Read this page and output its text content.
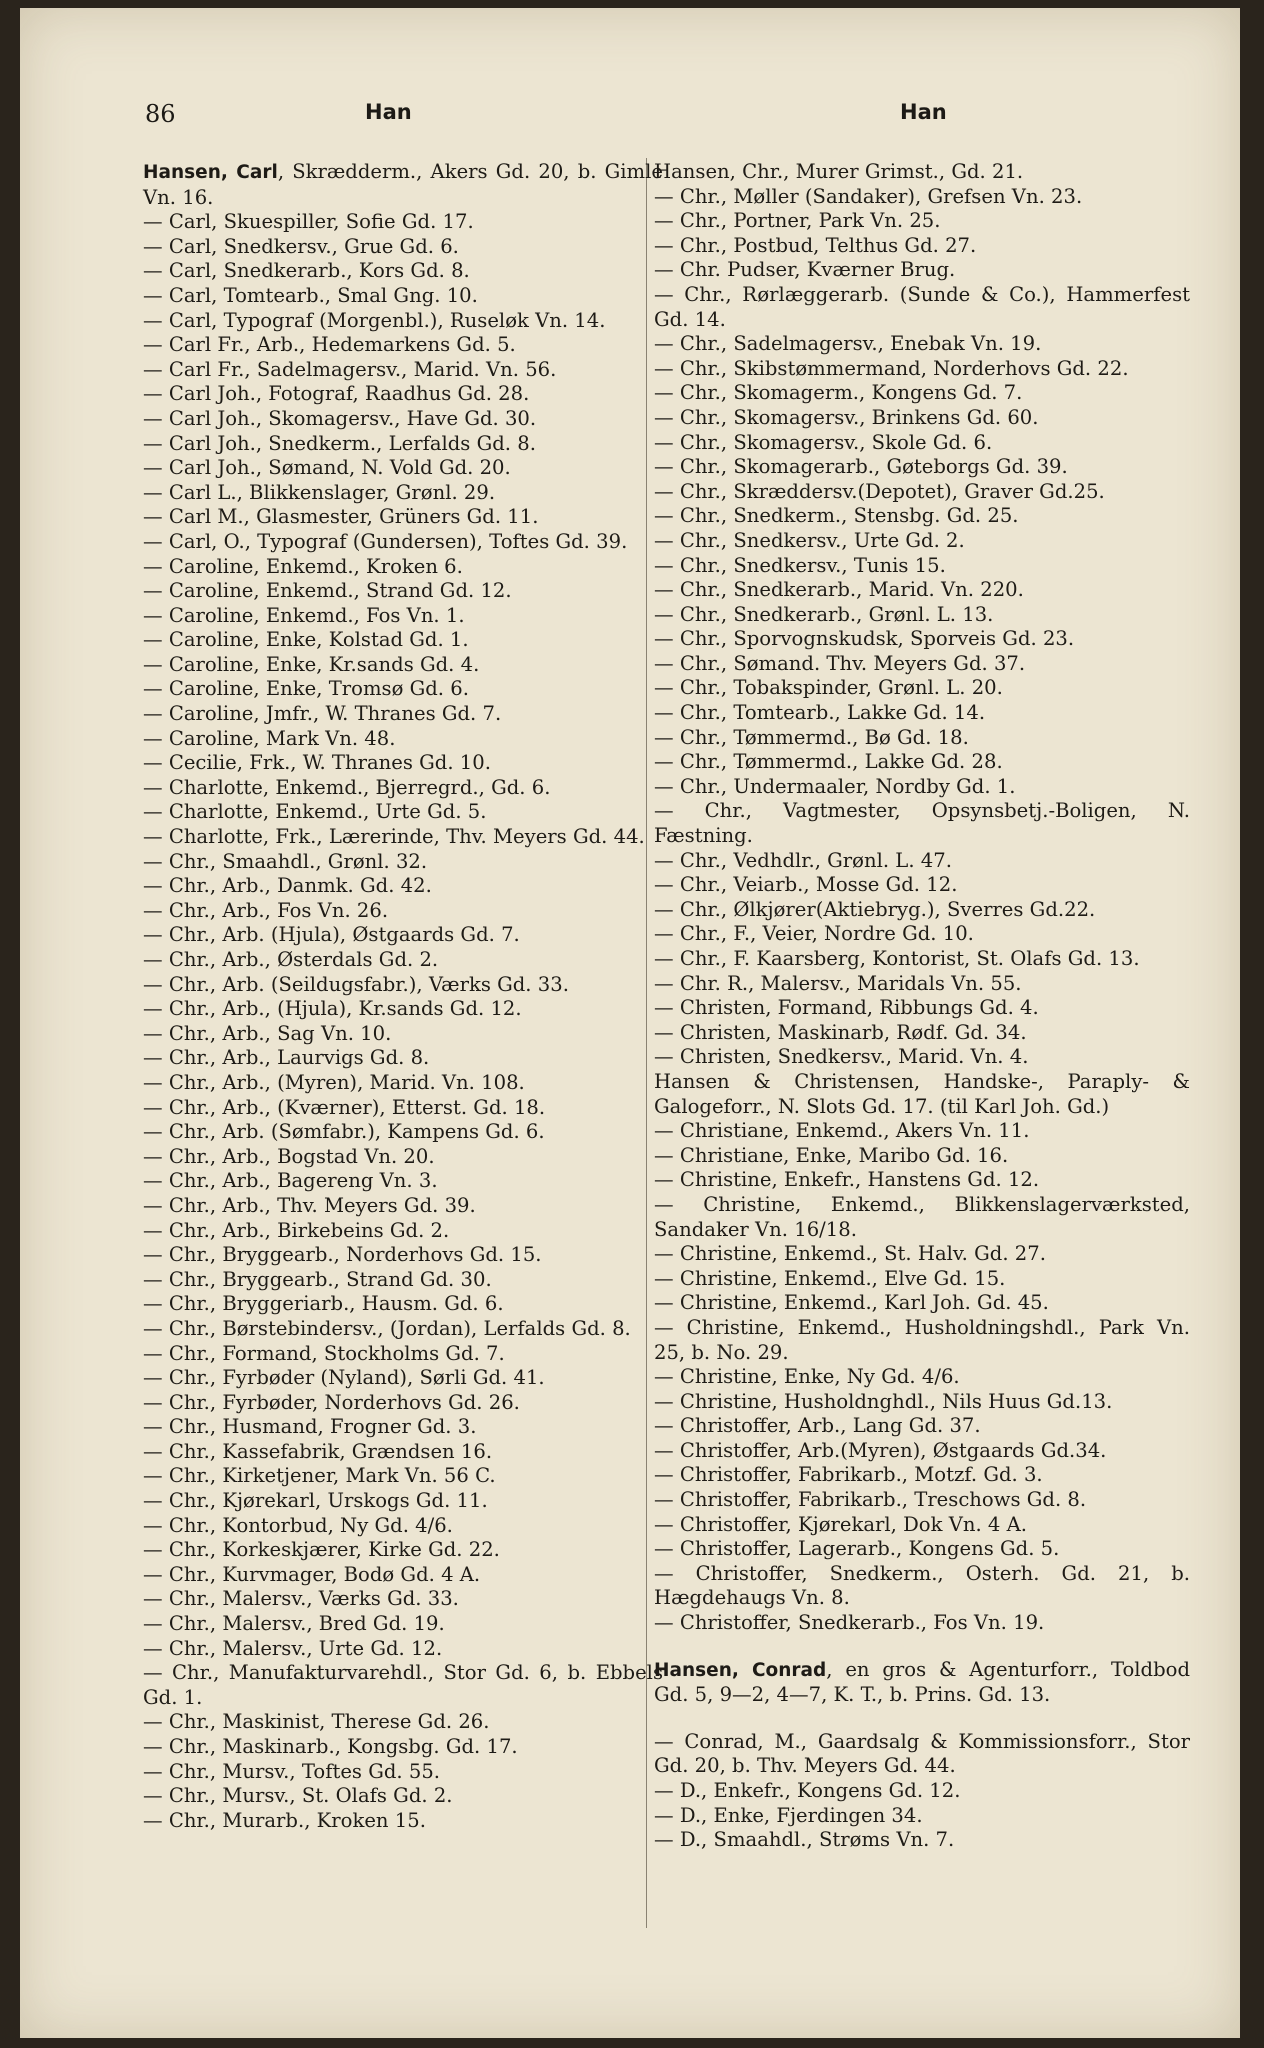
86	Han	Han
Hansen, Carl, Skrædderm., Akers Gd. 20, b. Gimle Vn. 16.
— Carl, Skuespiller, Sofie Gd. 17.
— Carl, Snedkersv., Grue Gd. 6.
— Carl, Snedkerarb., Kors Gd. 8.
— Carl, Tomtearb., Smal Gng. 10.
— Carl, Typograf (Morgenbl.), Ruseløk Vn. 14.
— Carl Fr., Arb., Hedemarkens Gd. 5.
— Carl Fr., Sadelmagersv., Marid. Vn. 56.
— Carl Joh., Fotograf, Raadhus Gd. 28.
— Carl Joh., Skomagersv., Have Gd. 30.
— Carl Joh., Snedkerm., Lerfalds Gd. 8.
— Carl Joh., Sømand, N. Vold Gd. 20.
— Carl L., Blikkenslager, Grønl. 29.
— Carl M., Glasmester, Grüners Gd. 11.
— Carl, O., Typograf (Gundersen), Toftes Gd. 39.
— Caroline, Enkemd., Kroken 6.
— Caroline, Enkemd., Strand Gd. 12.
— Caroline, Enkemd., Fos Vn. 1.
— Caroline, Enke, Kolstad Gd. 1.
— Caroline, Enke, Kr.sands Gd. 4.
— Caroline, Enke, Tromsø Gd. 6.
— Caroline, Jmfr., W. Thranes Gd. 7.
— Caroline, Mark Vn. 48.
— Cecilie, Frk., W. Thranes Gd. 10.
— Charlotte, Enkemd., Bjerregrd., Gd. 6.
— Charlotte, Enkemd., Urte Gd. 5.
— Charlotte, Frk., Lærerinde, Thv. Meyers Gd. 44.
— Chr., Smaahdl., Grønl. 32.
— Chr., Arb., Danmk. Gd. 42.
— Chr., Arb., Fos Vn. 26.
— Chr., Arb. (Hjula), Østgaards Gd. 7.
— Chr., Arb., Østerdals Gd. 2.
— Chr., Arb. (Seildugsfabr.), Værks Gd. 33.
— Chr., Arb., (Hjula), Kr.sands Gd. 12.
— Chr., Arb., Sag Vn. 10.
— Chr., Arb., Laurvigs Gd. 8.
— Chr., Arb., (Myren), Marid. Vn. 108.
— Chr., Arb., (Kværner), Etterst. Gd. 18.
— Chr., Arb. (Sømfabr.), Kampens Gd. 6.
— Chr., Arb., Bogstad Vn. 20.
— Chr., Arb., Bagereng Vn. 3.
— Chr., Arb., Thv. Meyers Gd. 39.
— Chr., Arb., Birkebeins Gd. 2.
— Chr., Bryggearb., Norderhovs Gd. 15.
— Chr., Bryggearb., Strand Gd. 30.
— Chr., Bryggeriarb., Hausm. Gd. 6.
— Chr., Børstebindersv., (Jordan), Lerfalds Gd. 8.
— Chr., Formand, Stockholms Gd. 7.
— Chr., Fyrbøder (Nyland), Sørli Gd. 41.
— Chr., Fyrbøder, Norderhovs Gd. 26.
— Chr., Husmand, Frogner Gd. 3.
— Chr., Kassefabrik, Grændsen 16.
— Chr., Kirketjener, Mark Vn. 56 C.
— Chr., Kjørekarl, Urskogs Gd. 11.
— Chr., Kontorbud, Ny Gd. 4/6.
— Chr., Korkeskjærer, Kirke Gd. 22.
— Chr., Kurvmager, Bodø Gd. 4 A.
— Chr., Malersv., Værks Gd. 33.
— Chr., Malersv., Bred Gd. 19.
— Chr., Malersv., Urte Gd. 12.
— Chr., Manufakturvarehdl., Stor Gd. 6, b. Ebbels Gd. 1.
— Chr., Maskinist, Therese Gd. 26.
— Chr., Maskinarb., Kongsbg. Gd. 17.
— Chr., Mursv., Toftes Gd. 55.
— Chr., Mursv., St. Olafs Gd. 2.
— Chr., Murarb., Kroken 15.
Hansen, Chr., Murer Grimst., Gd. 21.
— Chr., Møller (Sandaker), Grefsen Vn. 23.
— Chr., Portner, Park Vn. 25.
— Chr., Postbud, Telthus Gd. 27.
— Chr. Pudser, Kværner Brug.
— Chr., Rørlæggerarb. (Sunde & Co.), Hammerfest Gd. 14.
— Chr., Sadelmagersv., Enebak Vn. 19.
— Chr., Skibstømmermand, Norderhovs Gd. 22.
— Chr., Skomagerm., Kongens Gd. 7.
— Chr., Skomagersv., Brinkens Gd. 60.
— Chr., Skomagersv., Skole Gd. 6.
— Chr., Skomagerarb., Gøteborgs Gd. 39.
— Chr., Skræddersv.(Depotet), Graver Gd.25.
— Chr., Snedkerm., Stensbg. Gd. 25.
— Chr., Snedkersv., Urte Gd. 2.
— Chr., Snedkersv., Tunis 15.
— Chr., Snedkerarb., Marid. Vn. 220.
— Chr., Snedkerarb., Grønl. L. 13.
— Chr., Sporvognskudsk, Sporveis Gd. 23.
— Chr., Sømand. Thv. Meyers Gd. 37.
— Chr., Tobakspinder, Grønl. L. 20.
— Chr., Tomtearb., Lakke Gd. 14.
— Chr., Tømmermd., Bø Gd. 18.
— Chr., Tømmermd., Lakke Gd. 28.
— Chr., Undermaaler, Nordby Gd. 1.
— Chr., Vagtmester, Opsynsbetj.-Boligen, N. Fæstning.
— Chr., Vedhdlr., Grønl. L. 47.
— Chr., Veiarb., Mosse Gd. 12.
— Chr., Ølkjører(Aktiebryg.), Sverres Gd.22.
— Chr., F., Veier, Nordre Gd. 10.
— Chr., F. Kaarsberg, Kontorist, St. Olafs Gd. 13.
— Chr. R., Malersv., Maridals Vn. 55.
— Christen, Formand, Ribbungs Gd. 4.
— Christen, Maskinarb, Rødf. Gd. 34.
— Christen, Snedkersv., Marid. Vn. 4.
Hansen & Christensen, Handske-, Paraply- & Galogeforr., N. Slots Gd. 17. (til Karl Joh. Gd.)
— Christiane, Enkemd., Akers Vn. 11.
— Christiane, Enke, Maribo Gd. 16.
— Christine, Enkefr., Hanstens Gd. 12.
— Christine, Enkemd., Blikkenslagerværksted, Sandaker Vn. 16/18.
— Christine, Enkemd., St. Halv. Gd. 27.
— Christine, Enkemd., Elve Gd. 15.
— Christine, Enkemd., Karl Joh. Gd. 45.
— Christine, Enkemd., Husholdningshdl., Park Vn. 25, b. No. 29.
— Christine, Enke, Ny Gd. 4/6.
— Christine, Husholdnghdl., Nils Huus Gd.13.
— Christoffer, Arb., Lang Gd. 37.
— Christoffer, Arb.(Myren), Østgaards Gd.34.
— Christoffer, Fabrikarb., Motzf. Gd. 3.
— Christoffer, Fabrikarb., Treschows Gd. 8.
— Christoffer, Kjørekarl, Dok Vn. 4 A.
— Christoffer, Lagerarb., Kongens Gd. 5.
— Christoffer, Snedkerm., Osterh. Gd. 21, b. Hægdehaugs Vn. 8.
— Christoffer, Snedkerarb., Fos Vn. 19.
Hansen, Conrad, en gros & Agenturforr., Toldbod Gd. 5, 9—2, 4—7, K. T., b. Prins. Gd. 13.
— Conrad, M., Gaardsalg & Kommissionsforr., Stor Gd. 20, b. Thv. Meyers Gd. 44.
— D., Enkefr., Kongens Gd. 12.
— D., Enke, Fjerdingen 34.
— D., Smaahdl., Strøms Vn. 7.
